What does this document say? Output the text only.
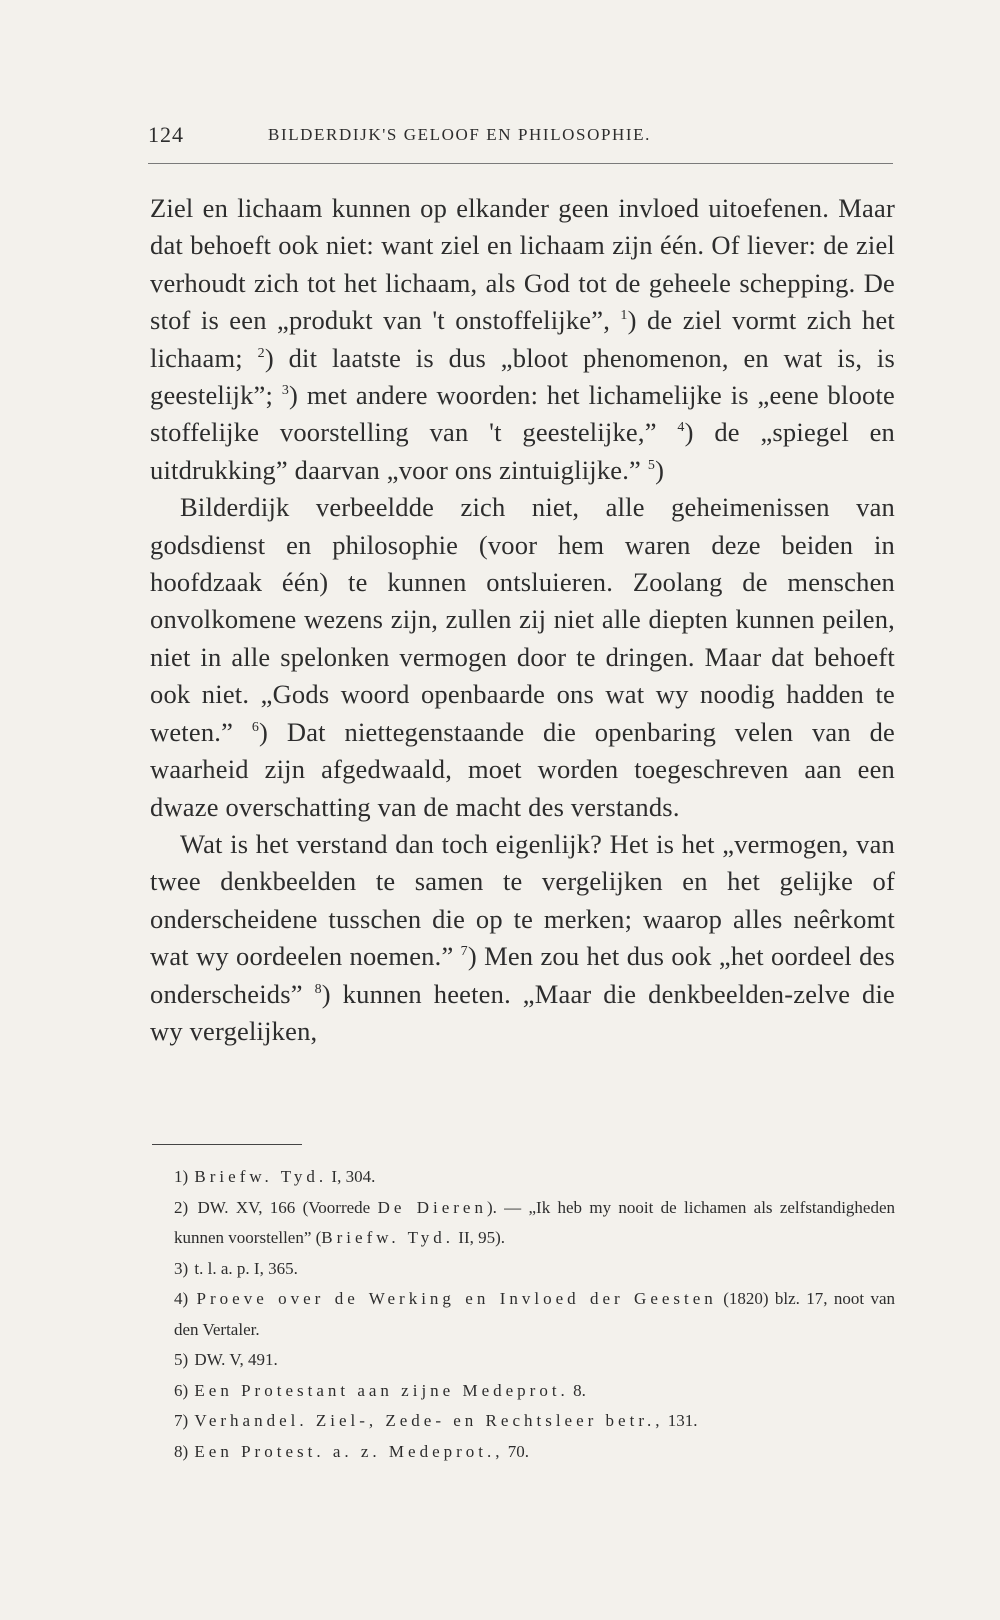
124	BILDERDIJK'S GELOOF EN PHILOSOPHIE.

Ziel en lichaam kunnen op elkander geen invloed uitoefenen. Maar dat behoeft ook niet: want ziel en lichaam zijn één. Of liever: de ziel verhoudt zich tot het lichaam, als God tot de geheele schepping. De stof is een „produkt van 't onstoffelijke”, $^1$) de ziel vormt zich het lichaam; $^2$) dit laatste is dus „bloot phenomenon, en wat is, is geestelijk”; $^3$) met andere woorden: het lichamelijke is „eene bloote stoffelijke voorstelling van 't geestelijke,” $^4$) de „spiegel en uitdrukking” daarvan „voor ons zintuiglijke.” $^5$)

Bilderdijk verbeeldde zich niet, alle geheimenissen van godsdienst en philosophie (voor hem waren deze beiden in hoofdzaak één) te kunnen ontsluieren. Zoolang de menschen onvolkomene wezens zijn, zullen zij niet alle diepten kunnen peilen, niet in alle spelonken vermogen door te dringen. Maar dat behoeft ook niet. „Gods woord openbaarde ons wat wy noodig hadden te weten.” $^6$) Dat niettegenstaande die openbaring velen van de waarheid zijn afgedwaald, moet worden toegeschreven aan een dwaze overschatting van de macht des verstands.

Wat is het verstand dan toch eigenlijk? Het is het „vermogen, van twee denkbeelden te samen te vergelijken en het gelijke of onderscheidene tusschen die op te merken; waarop alles neêrkomt wat wy oordeelen noemen.” $^7$) Men zou het dus ook „het oordeel des onderscheids” $^8$) kunnen heeten. „Maar die denkbeelden-zelve die wy vergelijken,

1) Briefw. Tyd. I, 304.

2) DW. XV, 166 (Voorrede De Dieren). — „Ik heb my nooit de lichamen als zelfstandigheden kunnen voorstellen” (Briefw. Tyd. II, 95).

3) t. l. a. p. I, 365.

4) Proeve over de Werking en Invloed der Geesten (1820) blz. 17, noot van den Vertaler.

5) DW. V, 491.

6) Een Protestant aan zijne Medeprot. 8.

7) Verhandel. Ziel-, Zede- en Rechtsleer betr., 131.

8) Een Protest. a. z. Medeprot., 70.
